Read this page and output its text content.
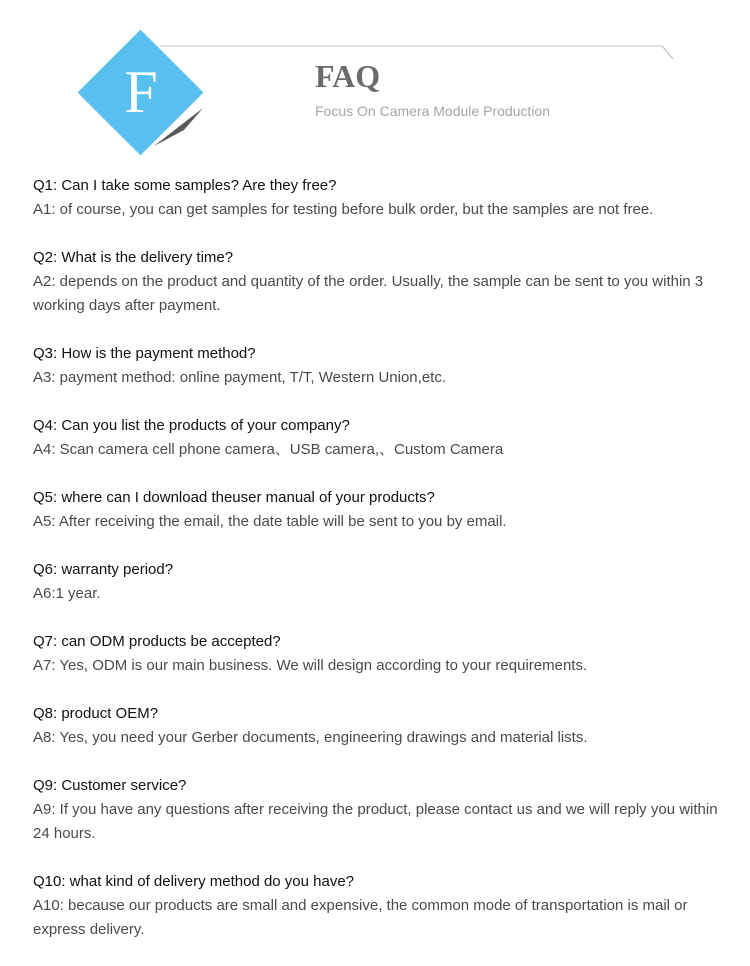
F	FAQ
Focus On Camera Module Production

Q1: Can I take some samples? Are they free?

A1: of course, you can get samples for testing before bulk order, but the samples are not free.

Q2: What is the delivery time?

A2: depends on the product and quantity of the order. Usually, the sample can be sent to you within 3 working days after payment.

Q3: How is the payment method?

A3: payment method: online payment, T/T, Western Union,etc.

Q4: Can you list the products of your company?

A4: Scan camera cell phone camera、USB camera,、Custom Camera

Q5: where can I download theuser manual of your products?

A5: After receiving the email, the date table will be sent to you by email.

Q6: warranty period?

A6:1 year.

Q7: can ODM products be accepted?

A7: Yes, ODM is our main business. We will design according to your requirements.

Q8: product OEM?

A8: Yes, you need your Gerber documents, engineering drawings and material lists.

Q9: Customer service?

A9: If you have any questions after receiving the product, please contact us and we will reply you within 24 hours.

Q10: what kind of delivery method do you have?

A10: because our products are small and expensive, the common mode of transportation is mail or express delivery.
